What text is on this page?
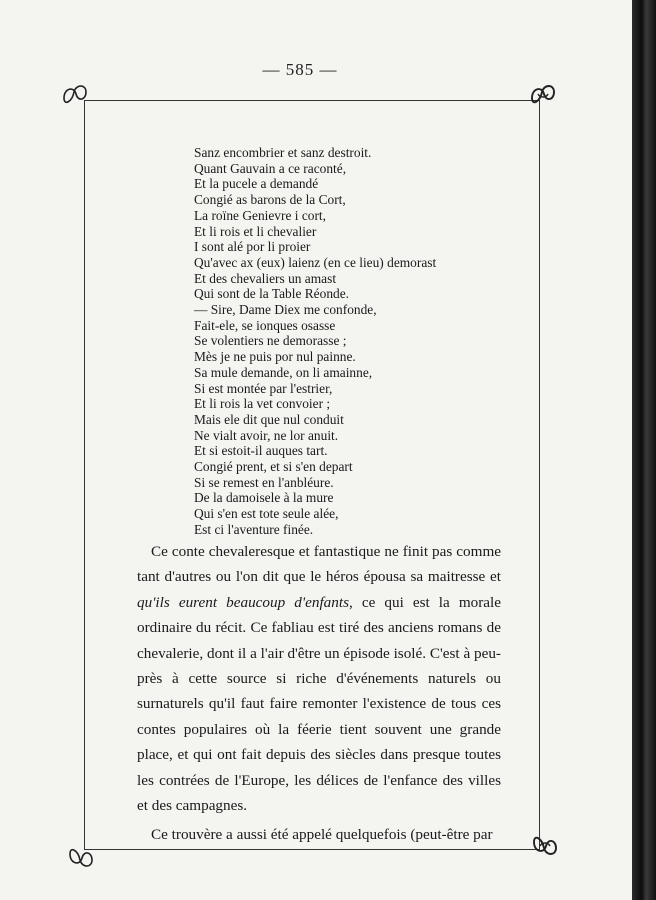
— 585 —
Sanz encombrier et sanz destroit.
Quant Gauvain a ce raconté,
Et la pucele a demandé
Congié as barons de la Cort,
La roïne Genievre i cort,
Et li rois et li chevalier
I sont alé por li proier
Qu'avec ax (eux) laienz (en ce lieu) demorast
Et des chevaliers un amast
Qui sont de la Table Réonde.
— Sire, Dame Diex me confonde,
Fait-ele, se ionques osasse
Se volentiers ne demorasse ;
Mès je ne puis por nul painne.
Sa mule demande, on li amainne,
Si est montée par l'estrier,
Et li rois la vet convoier ;
Mais ele dit que nul conduit
Ne vialt avoir, ne lor anuit.
Et si estoit-il auques tart.
Congié prent, et si s'en depart
Si se remest en l'anbléure.
De la damoisele à la mure
Qui s'en est tote seule alée,
Est ci l'aventure finée.

Ce conte chevaleresque et fantastique ne finit pas comme tant d'autres ou l'on dit que le héros épousa sa maitresse et qu'ils eurent beaucoup d'enfants, ce qui est la morale ordinaire du récit. Ce fabliau est tiré des anciens romans de chevalerie, dont il a l'air d'être un épisode isolé. C'est à peu-près à cette source si riche d'événements naturels ou surnaturels qu'il faut faire remonter l'existence de tous ces contes populaires où la féerie tient souvent une grande place, et qui ont fait depuis des siècles dans presque toutes les contrées de l'Europe, les délices de l'enfance des villes et des campagnes.

Ce trouvère a aussi été appelé quelquefois (peut-être par
